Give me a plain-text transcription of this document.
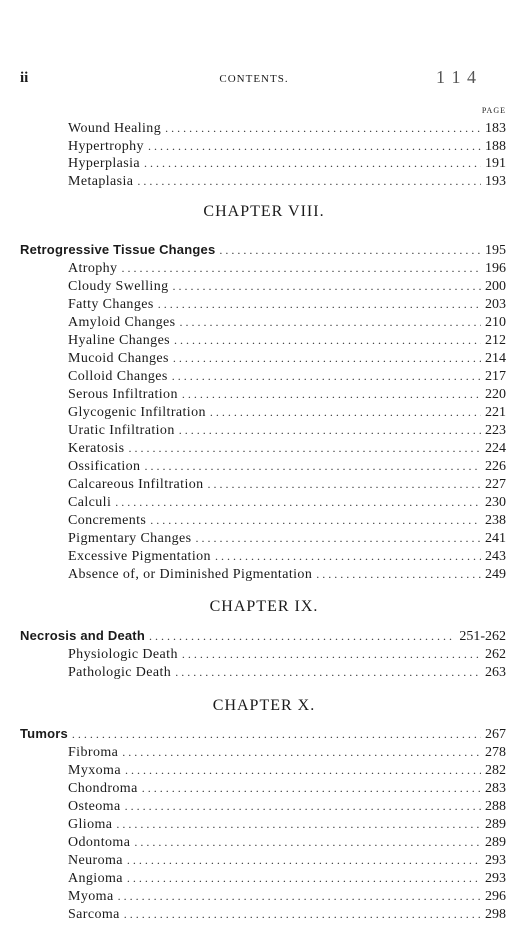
ii	CONTENTS.	1 1 4
PAGE
Wound Healing . . .	183
Hypertrophy . . .	188
Hyperplasia . . .	191
Metaplasia . . .	193
CHAPTER VIII.
Retrogressive Tissue Changes . . .	195
Atrophy . . .	196
Cloudy Swelling . . .	200
Fatty Changes . . .	203
Amyloid Changes . . .	210
Hyaline Changes . . .	212
Mucoid Changes . . .	214
Colloid Changes . . .	217
Serous Infiltration . . .	220
Glycogenic Infiltration . . .	221
Uratic Infiltration . . .	223
Keratosis . . .	224
Ossification . . .	226
Calcareous Infiltration . . .	227
Calculi . . .	230
Concrements . . .	238
Pigmentary Changes . . .	241
Excessive Pigmentation . . .	243
Absence of, or Diminished Pigmentation . . .	249
CHAPTER IX.
Necrosis and Death . . .	251-262
Physiologic Death . . .	262
Pathologic Death . . .	263
CHAPTER X.
Tumors . . .	267
Fibroma . . .	278
Myxoma . . .	282
Chondroma . . .	283
Osteoma . . .	288
Glioma . . .	289
Odontoma . . .	289
Neuroma . . .	293
Angioma . . .	293
Myoma . . .	296
Sarcoma . . .	298
